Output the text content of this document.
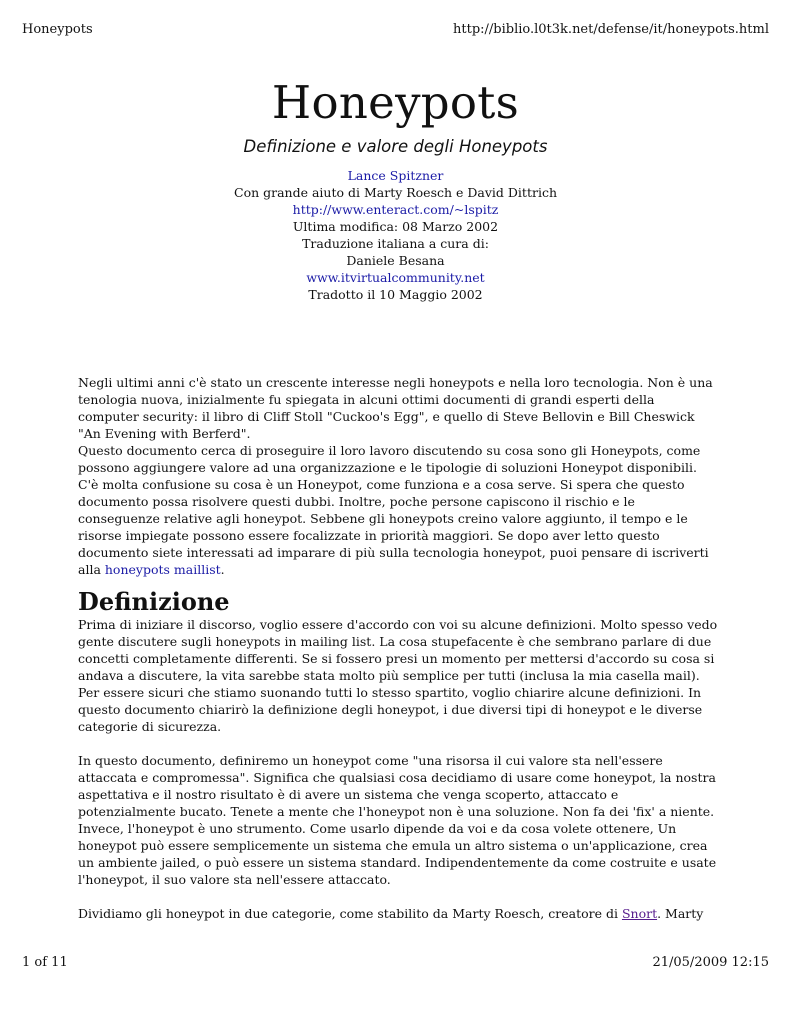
Honeypots	http://biblio.l0t3k.net/defense/it/honeypots.html
Honeypots
Definizione e valore degli Honeypots
Lance Spitzner
Con grande aiuto di Marty Roesch e David Dittrich
http://www.enteract.com/~lspitz
Ultima modifica: 08 Marzo 2002
Traduzione italiana a cura di:
Daniele Besana
www.itvirtualcommunity.net
Tradotto il 10 Maggio 2002

Negli ultimi anni c'è stato un crescente interesse negli honeypots e nella loro tecnologia. Non è una tenologia nuova, inizialmente fu spiegata in alcuni ottimi documenti di grandi esperti della computer security: il libro di Cliff Stoll "Cuckoo's Egg", e quello di Steve Bellovin e Bill Cheswick "An Evening with Berferd".

Questo documento cerca di proseguire il loro lavoro discutendo su cosa sono gli Honeypots, come possono aggiungere valore ad una organizzazione e le tipologie di soluzioni Honeypot disponibili.

C'è molta confusione su cosa è un Honeypot, come funziona e a cosa serve. Si spera che questo documento possa risolvere questi dubbi. Inoltre, poche persone capiscono il rischio e le conseguenze relative agli honeypot. Sebbene gli honeypots creino valore aggiunto, il tempo e le risorse impiegate possono essere focalizzate in priorità maggiori. Se dopo aver letto questo documento siete interessati ad imparare di più sulla tecnologia honeypot, puoi pensare di iscriverti alla honeypots maillist.

Definizione

Prima di iniziare il discorso, voglio essere d'accordo con voi su alcune definizioni. Molto spesso vedo gente discutere sugli honeypots in mailing list. La cosa stupefacente è che sembrano parlare di due concetti completamente differenti. Se si fossero presi un momento per mettersi d'accordo su cosa si andava a discutere, la vita sarebbe stata molto più semplice per tutti (inclusa la mia casella mail). Per essere sicuri che stiamo suonando tutti lo stesso spartito, voglio chiarire alcune definizioni. In questo documento chiarirò la definizione degli honeypot, i due diversi tipi di honeypot e le diverse categorie di sicurezza.

In questo documento, definiremo un honeypot come "una risorsa il cui valore sta nell'essere attaccata e compromessa". Significa che qualsiasi cosa decidiamo di usare come honeypot, la nostra aspettativa e il nostro risultato è di avere un sistema che venga scoperto, attaccato e potenzialmente bucato. Tenete a mente che l'honeypot non è una soluzione. Non fa dei 'fix' a niente. Invece, l'honeypot è uno strumento. Come usarlo dipende da voi e da cosa volete ottenere, Un honeypot può essere semplicemente un sistema che emula un altro sistema o un'applicazione, crea un ambiente jailed, o può essere un sistema standard. Indipendentemente da come costruite e usate l'honeypot, il suo valore sta nell'essere attaccato.

Dividiamo gli honeypot in due categorie, come stabilito da Marty Roesch, creatore di Snort. Marty

1 of 11	21/05/2009 12:15
